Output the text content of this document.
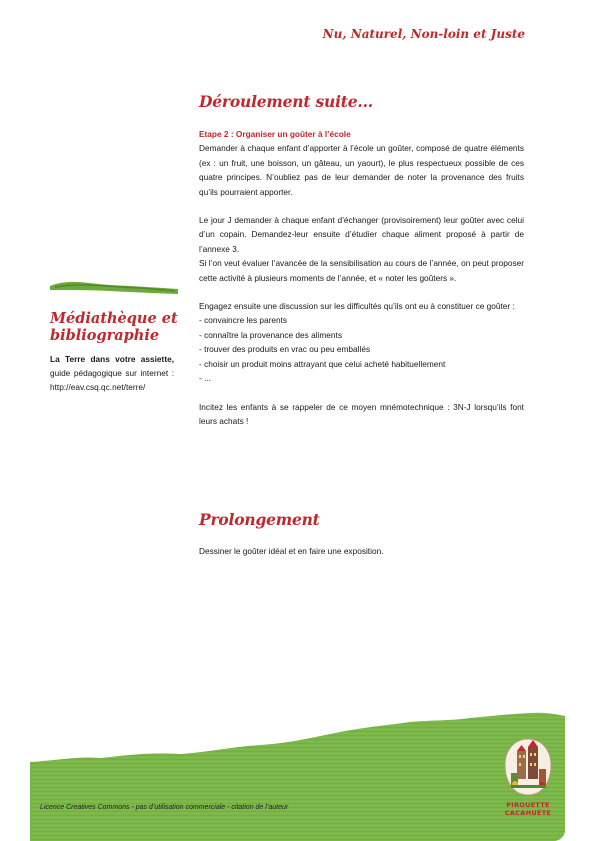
Nu, Naturel, Non-loin et Juste
Déroulement suite...
Etape 2 : Organiser un goûter à l’école

Demander à chaque enfant d’apporter à l’école un goûter, composé de quatre éléments (ex : un fruit, une boisson, un gâteau, un yaourt), le plus respectueux possible de ces quatre principes. N’oubliez pas de leur demander de noter la provenance des fruits qu’ils pourraient apporter.

Le jour J demander à chaque enfant d’échanger (provisoirement) leur goûter avec celui d’un copain. Demandez-leur ensuite d’étudier chaque aliment proposé à partir de l’annexe 3.

Si l’on veut évaluer l’avancée de la sensibilisation au cours de l’année, on peut proposer cette activité à plusieurs moments de l’année, et « noter les goûters ».

Engagez ensuite une discussion sur les difficultés qu’ils ont eu à constituer ce goûter :

- convaincre les parents
- connaître la provenance des aliments
- trouver des produits en vrac ou peu emballés
- choisir un produit moins attrayant que celui acheté habituellement
- ...

Incitez les enfants à se rappeler de ce moyen mnémotechnique : 3N-J lorsqu’ils font leurs achats !

Prolongement
Dessiner le goûter idéal et en faire une exposition.
Médiathèque et bibliographie
La Terre dans votre assiette, guide pédagogique sur internet : http://eav.csq.qc.net/terre/
Licence Creatives Commons - pas d’utilisation commerciale - citation de l’auteur	PIROUETTE
CACAHUÈTE
